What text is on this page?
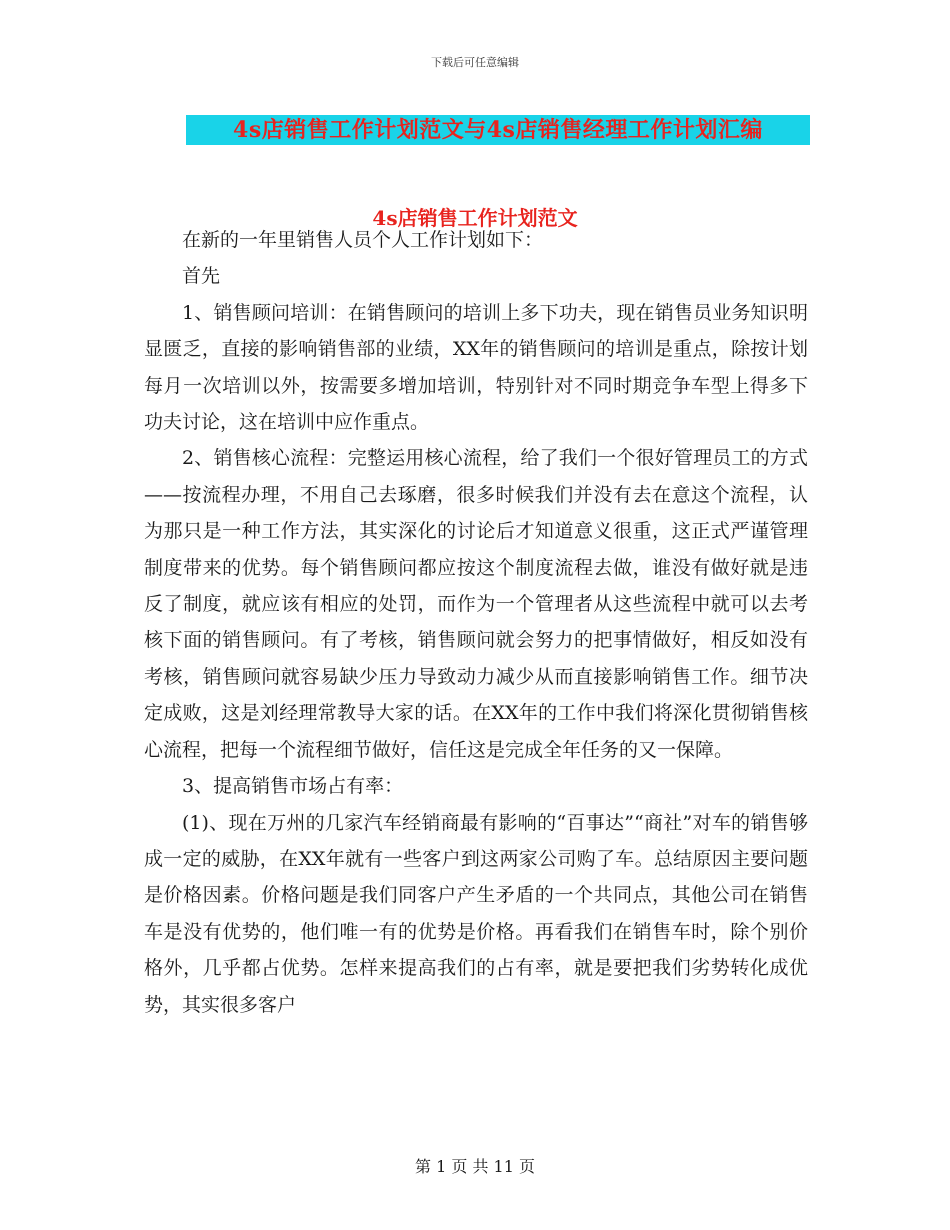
下载后可任意编辑
4s店销售工作计划范文与4s店销售经理工作计划汇编
4s店销售工作计划范文

在新的一年里销售人员个人工作计划如下：

首先

1、销售顾问培训：在销售顾问的培训上多下功夫，现在销售员业务知识明显匮乏，直接的影响销售部的业绩，XX年的销售顾问的培训是重点，除按计划每月一次培训以外，按需要多增加培训，特别针对不同时期竞争车型上得多下功夫讨论，这在培训中应作重点。

2、销售核心流程：完整运用核心流程，给了我们一个很好管理员工的方式——按流程办理，不用自己去琢磨，很多时候我们并没有去在意这个流程，认为那只是一种工作方法，其实深化的讨论后才知道意义很重，这正式严谨管理制度带来的优势。每个销售顾问都应按这个制度流程去做，谁没有做好就是违反了制度，就应该有相应的处罚，而作为一个管理者从这些流程中就可以去考核下面的销售顾问。有了考核，销售顾问就会努力的把事情做好，相反如没有考核，销售顾问就容易缺少压力导致动力减少从而直接影响销售工作。细节决定成败，这是刘经理常教导大家的话。在XX年的工作中我们将深化贯彻销售核心流程，把每一个流程细节做好，信任这是完成全年任务的又一保障。

3、提高销售市场占有率：

(1)、现在万州的几家汽车经销商最有影响的“百事达”“商社”对车的销售够成一定的威胁，在XX年就有一些客户到这两家公司购了车。总结原因主要问题是价格因素。价格问题是我们同客户产生矛盾的一个共同点，其他公司在销售车是没有优势的，他们唯一有的优势是价格。再看我们在销售车时，除个别价格外，几乎都占优势。怎样来提高我们的占有率，就是要把我们劣势转化成优势，其实很多客户

第 1 页 共 11 页
